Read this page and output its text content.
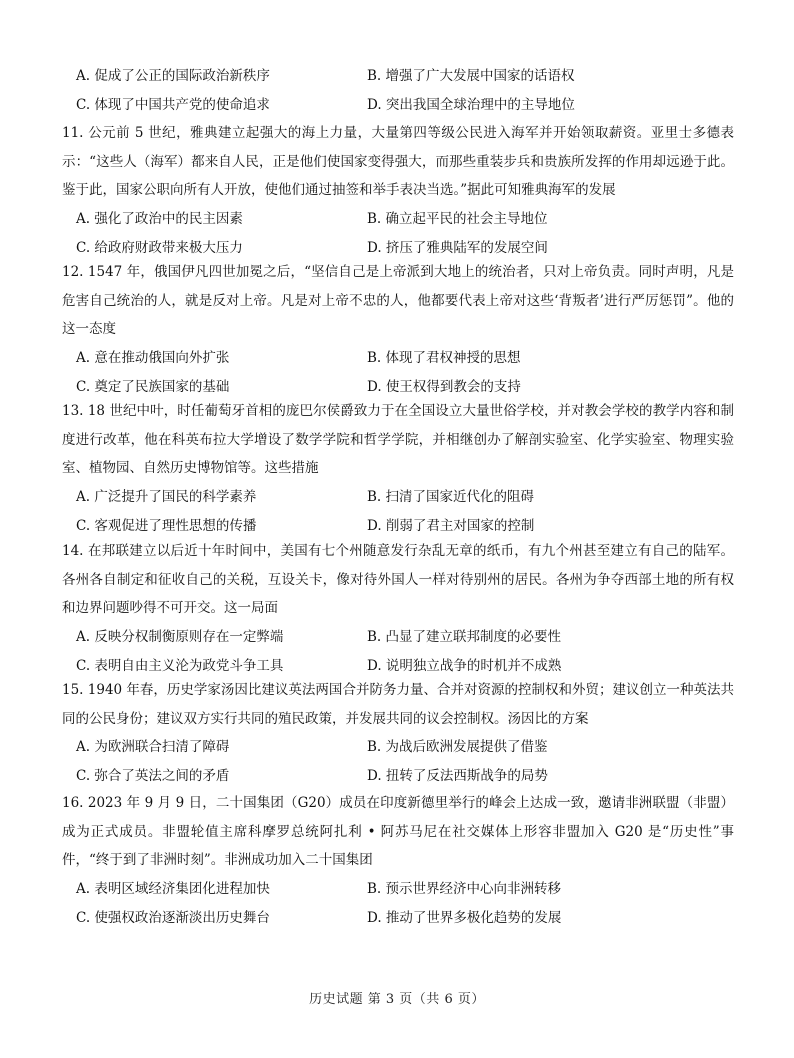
A. 促成了公正的国际政治新秩序	B. 增强了广大发展中国家的话语权
C. 体现了中国共产党的使命追求	D. 突出我国全球治理中的主导地位

11. 公元前 5 世纪，雅典建立起强大的海上力量，大量第四等级公民进入海军并开始领取薪资。亚里士多德表示：“这些人（海军）都来自人民，正是他们使国家变得强大，而那些重装步兵和贵族所发挥的作用却远逊于此。鉴于此，国家公职向所有人开放，使他们通过抽签和举手表决当选。”据此可知雅典海军的发展

A. 强化了政治中的民主因素	B. 确立起平民的社会主导地位
C. 给政府财政带来极大压力	D. 挤压了雅典陆军的发展空间

12. 1547 年，俄国伊凡四世加冕之后，“坚信自己是上帝派到大地上的统治者，只对上帝负责。同时声明，凡是危害自己统治的人，就是反对上帝。凡是对上帝不忠的人，他都要代表上帝对这些‘背叛者’进行严厉惩罚”。他的这一态度

A. 意在推动俄国向外扩张	B. 体现了君权神授的思想
C. 奠定了民族国家的基础	D. 使王权得到教会的支持

13. 18 世纪中叶，时任葡萄牙首相的庞巴尔侯爵致力于在全国设立大量世俗学校，并对教会学校的教学内容和制度进行改革，他在科英布拉大学增设了数学学院和哲学学院，并相继创办了解剖实验室、化学实验室、物理实验室、植物园、自然历史博物馆等。这些措施

A. 广泛提升了国民的科学素养	B. 扫清了国家近代化的阻碍
C. 客观促进了理性思想的传播	D. 削弱了君主对国家的控制

14. 在邦联建立以后近十年时间中，美国有七个州随意发行杂乱无章的纸币，有九个州甚至建立有自己的陆军。各州各自制定和征收自己的关税，互设关卡，像对待外国人一样对待别州的居民。各州为争夺西部土地的所有权和边界问题吵得不可开交。这一局面

A. 反映分权制衡原则存在一定弊端	B. 凸显了建立联邦制度的必要性
C. 表明自由主义沦为政党斗争工具	D. 说明独立战争的时机并不成熟

15. 1940 年春，历史学家汤因比建议英法两国合并防务力量、合并对资源的控制权和外贸；建议创立一种英法共同的公民身份；建议双方实行共同的殖民政策，并发展共同的议会控制权。汤因比的方案

A. 为欧洲联合扫清了障碍	B. 为战后欧洲发展提供了借鉴
C. 弥合了英法之间的矛盾	D. 扭转了反法西斯战争的局势

16. 2023 年 9 月 9 日，二十国集团（G20）成员在印度新德里举行的峰会上达成一致，邀请非洲联盟（非盟）成为正式成员。非盟轮值主席科摩罗总统阿扎利 • 阿苏马尼在社交媒体上形容非盟加入 G20 是“历史性”事件，“终于到了非洲时刻”。非洲成功加入二十国集团

A. 表明区域经济集团化进程加快	B. 预示世界经济中心向非洲转移
C. 使强权政治逐渐淡出历史舞台	D. 推动了世界多极化趋势的发展
历史试题 第 3 页（共 6 页）
